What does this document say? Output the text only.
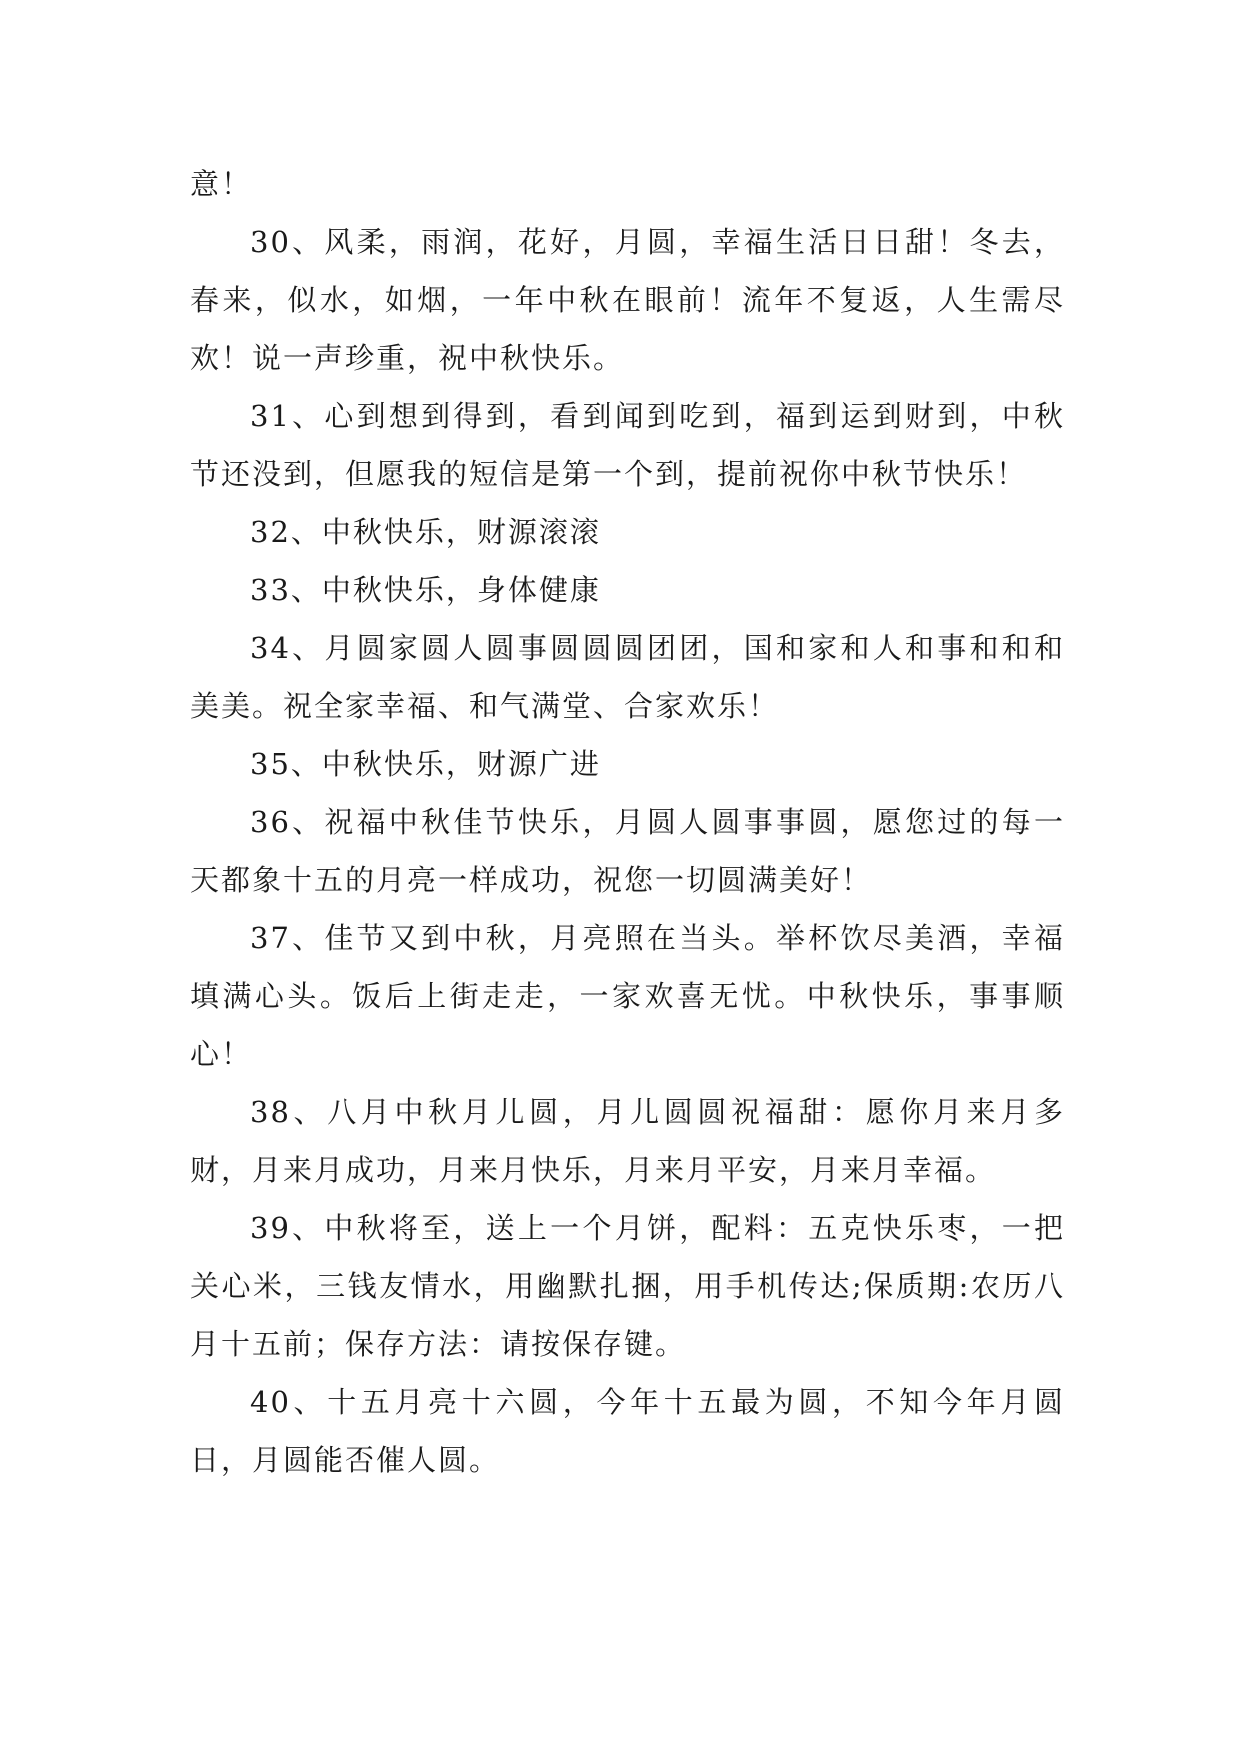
意！

30、风柔，雨润，花好，月圆，幸福生活日日甜！冬去，春来，似水，如烟，一年中秋在眼前！流年不复返，人生需尽欢！说一声珍重，祝中秋快乐。

31、心到想到得到，看到闻到吃到，福到运到财到，中秋节还没到，但愿我的短信是第一个到，提前祝你中秋节快乐！

32、中秋快乐，财源滚滚

33、中秋快乐，身体健康

34、月圆家圆人圆事圆圆圆团团，国和家和人和事和和和美美。祝全家幸福、和气满堂、合家欢乐！

35、中秋快乐，财源广进

36、祝福中秋佳节快乐，月圆人圆事事圆，愿您过的每一天都象十五的月亮一样成功，祝您一切圆满美好！

37、佳节又到中秋，月亮照在当头。举杯饮尽美酒，幸福填满心头。饭后上街走走，一家欢喜无忧。中秋快乐，事事顺心！

38、八月中秋月儿圆，月儿圆圆祝福甜：愿你月来月多财，月来月成功，月来月快乐，月来月平安，月来月幸福。

39、中秋将至，送上一个月饼，配料：五克快乐枣，一把关心米，三钱友情水，用幽默扎捆，用手机传达;保质期:农历八月十五前；保存方法：请按保存键。

40、十五月亮十六圆，今年十五最为圆，不知今年月圆日，月圆能否催人圆。
